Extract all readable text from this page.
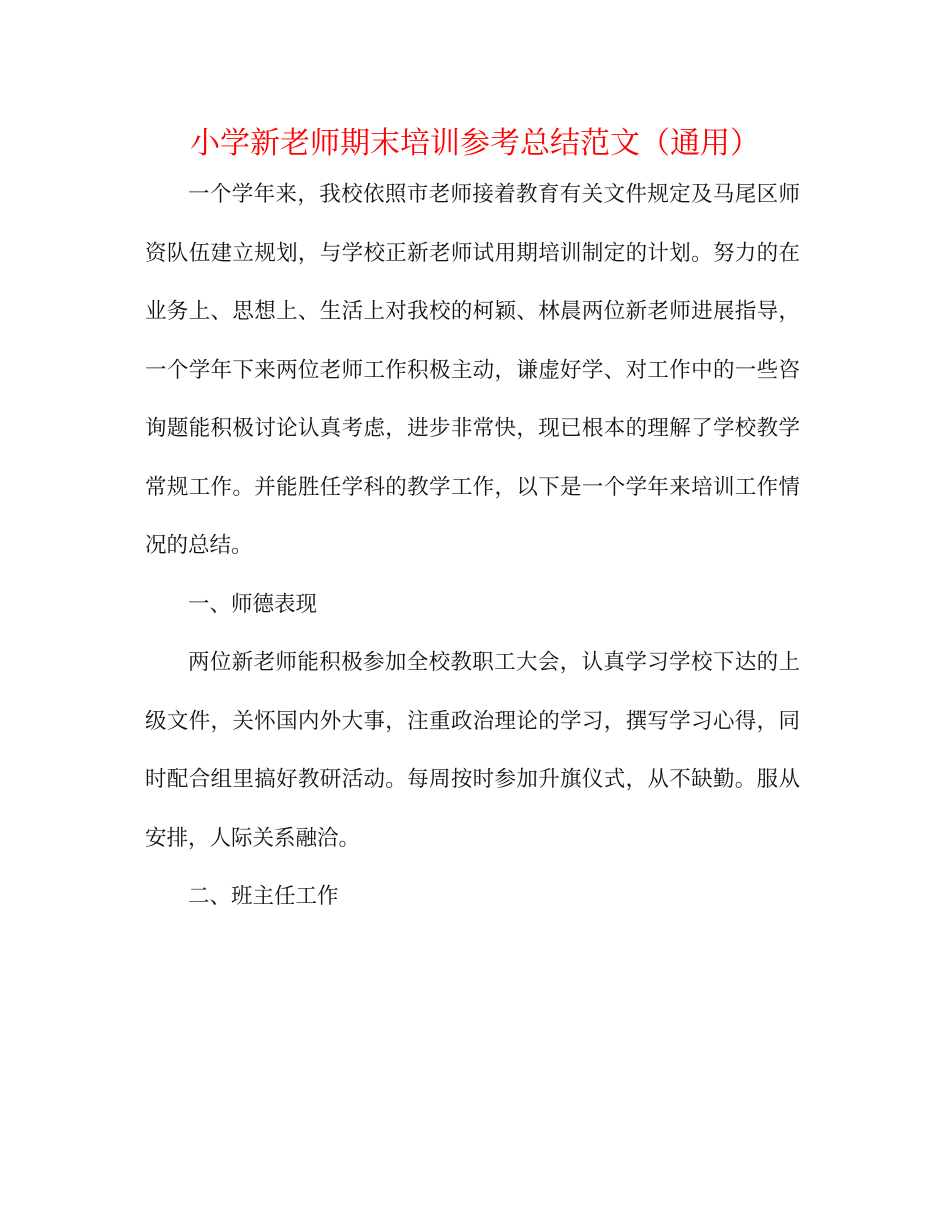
小学新老师期末培训参考总结范文（通用）

一个学年来，我校依照市老师接着教育有关文件规定及马尾区师资队伍建立规划，与学校正新老师试用期培训制定的计划。努力的在业务上、思想上、生活上对我校的柯颖、林晨两位新老师进展指导，一个学年下来两位老师工作积极主动，谦虚好学、对工作中的一些咨询题能积极讨论认真考虑，进步非常快，现已根本的理解了学校教学常规工作。并能胜任学科的教学工作，以下是一个学年来培训工作情况的总结。

一、师德表现

两位新老师能积极参加全校教职工大会，认真学习学校下达的上级文件，关怀国内外大事，注重政治理论的学习，撰写学习心得，同时配合组里搞好教研活动。每周按时参加升旗仪式，从不缺勤。服从安排，人际关系融洽。

二、班主任工作
